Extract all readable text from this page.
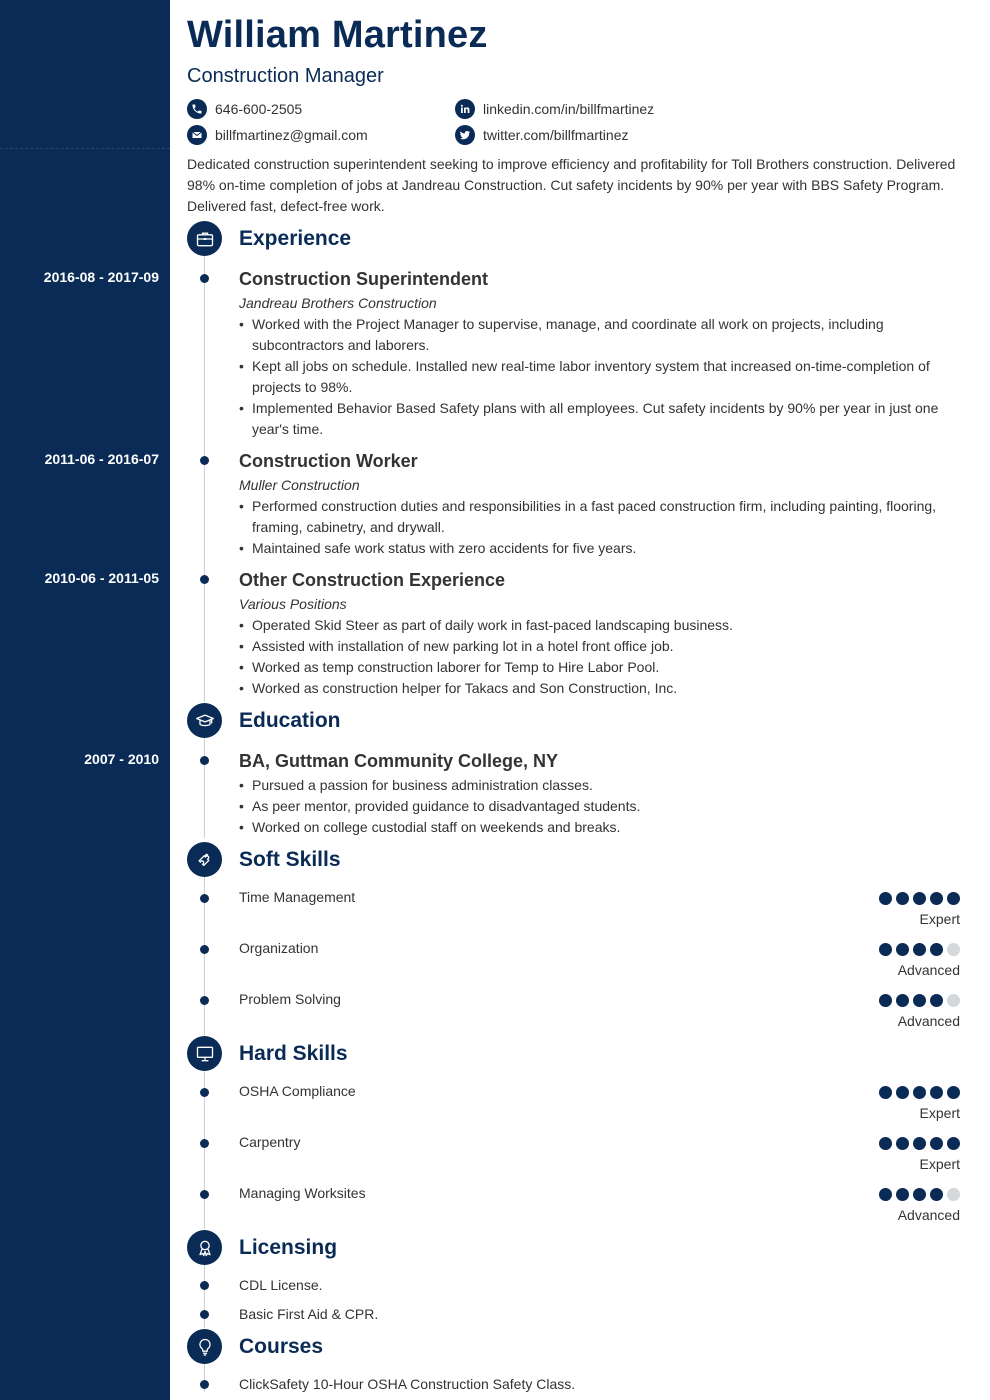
William Martinez
Construction Manager
646-600-2505
billfmartinez@gmail.com
linkedin.com/in/billfmartinez
twitter.com/billfmartinez
Dedicated construction superintendent seeking to improve efficiency and profitability for Toll Brothers construction. Delivered 98% on-time completion of jobs at Jandreau Construction. Cut safety incidents by 90% per year with BBS Safety Program. Delivered fast, defect-free work.
Experience
2016-08 - 2017-09	Construction Superintendent
Jandreau Brothers Construction
• Worked with the Project Manager to supervise, manage, and coordinate all work on projects, including subcontractors and laborers.
• Kept all jobs on schedule. Installed new real-time labor inventory system that increased on-time-completion of projects to 98%.
• Implemented Behavior Based Safety plans with all employees. Cut safety incidents by 90% per year in just one year's time.
2011-06 - 2016-07	Construction Worker
Muller Construction
• Performed construction duties and responsibilities in a fast paced construction firm, including painting, flooring, framing, cabinetry, and drywall.
• Maintained safe work status with zero accidents for five years.
2010-06 - 2011-05	Other Construction Experience
Various Positions
• Operated Skid Steer as part of daily work in fast-paced landscaping business.
• Assisted with installation of new parking lot in a hotel front office job.
• Worked as temp construction laborer for Temp to Hire Labor Pool.
• Worked as construction helper for Takacs and Son Construction, Inc.
Education
2007 - 2010	BA, Guttman Community College, NY
• Pursued a passion for business administration classes.
• As peer mentor, provided guidance to disadvantaged students.
• Worked on college custodial staff on weekends and breaks.
Soft Skills
Time Management
Expert
Organization
Advanced
Problem Solving
Advanced
Hard Skills
OSHA Compliance
Expert
Carpentry
Expert
Managing Worksites
Advanced
Licensing
CDL License.
Basic First Aid & CPR.
Courses
ClickSafety 10-Hour OSHA Construction Safety Class.
